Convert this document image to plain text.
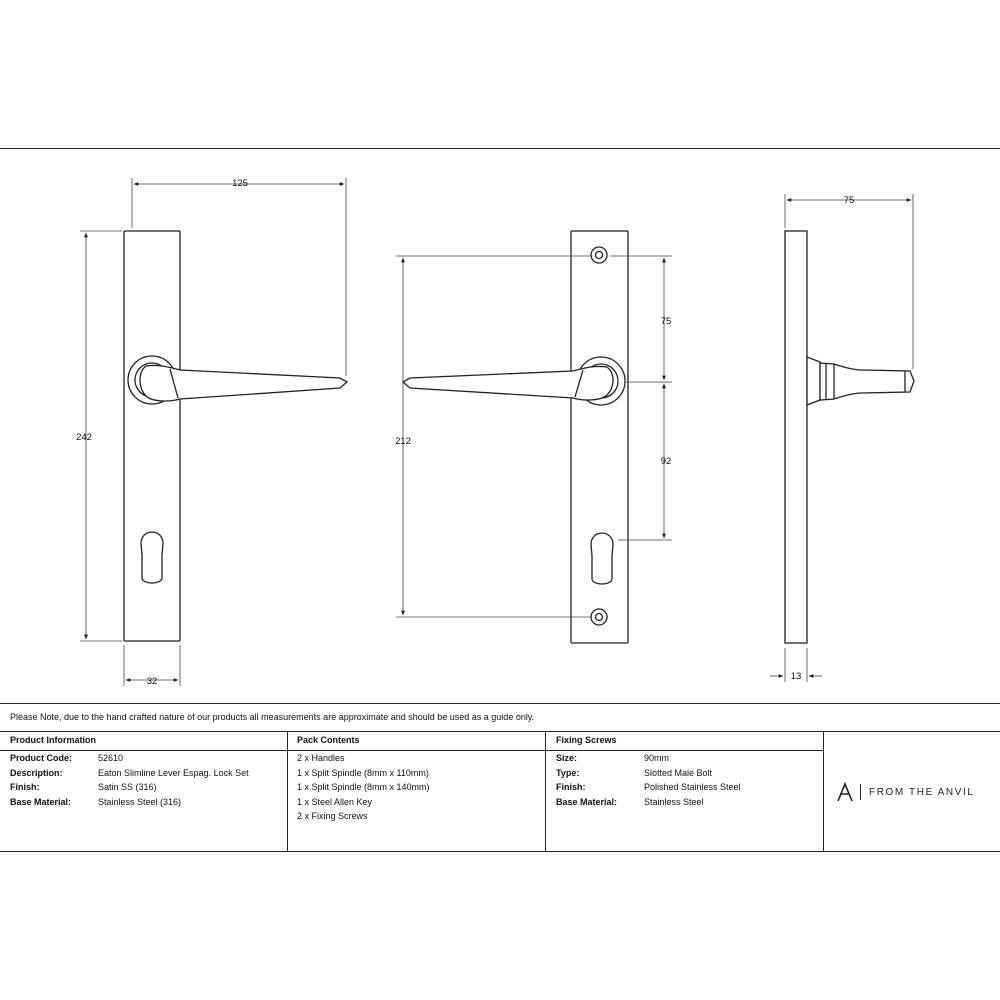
125
242
32
212
75
92
75
13
Please Note, due to the hand crafted nature of our products all measurements are approximate and should be used as a guide only.
Product Information
Product Code:	52610
Description:	Eaton Slimline Lever Espag. Lock Set
Finish:	Satin SS (316)
Base Material:	Stainless Steel (316)
Pack Contents
2 x Handles
1 x Split Spindle (8mm x 110mm)
1 x Split Spindle (8mm x 140mm)
1 x Steel Allen Key
2 x Fixing Screws
Fixing Screws
Size:	90mm
Type:	Slotted Male Bolt
Finish:	Polished Stainless Steel
Base Material:	Stainless Steel
FROM THE ANVIL
